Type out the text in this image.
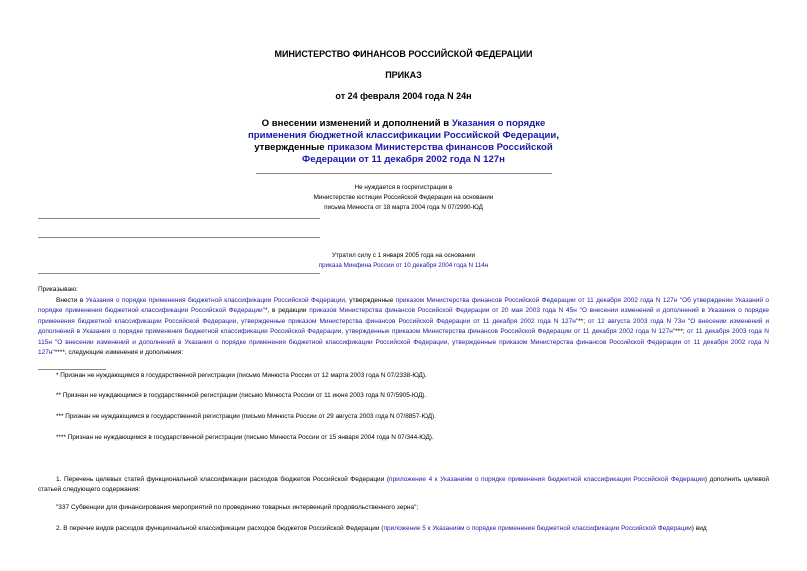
МИНИСТЕРСТВО ФИНАНСОВ РОССИЙСКОЙ ФЕДЕРАЦИИ
ПРИКАЗ
от 24 февраля 2004 года N 24н
О внесении изменений и дополнений в Указания о порядке применения бюджетной классификации Российской Федерации, утвержденные приказом Министерства финансов Российской Федерации от 11 декабря 2002 года N 127н
Не нуждается в госрегистрации в
Министерстве юстиции Российской Федерации на основании
письма Минюста от 18 марта 2004 года N 07/2990-ЮД
Утратил силу с 1 января 2005 года на основании
приказа Минфина России от 10 декабря 2004 года N 114н
Приказываю:

Внести в Указания о порядке применения бюджетной классификации Российской Федерации, утвержденные приказом Министерства финансов Российской Федерации от 11 декабря 2002 года N 127н "Об утверждении Указаний о порядке применения бюджетной классификации Российской Федерации"*, в редакции приказов Министерства финансов Российской Федерации от 20 мая 2003 года N 45н "О внесении изменений и дополнений в Указания о порядке применения бюджетной классификации Российской Федерации, утвержденные приказом Министерства финансов Российской Федерации от 11 декабря 2002 года N 127н"**; от 12 августа 2003 года N 73н "О внесении изменений и дополнений в Указания о порядке применения бюджетной классификации Российской Федерации, утвержденные приказом Министерства финансов Российской Федерации от 11 декабря 2002 года N 127н"***; от 11 декабря 2003 года N 115н "О внесении изменений и дополнений в Указания о порядке применения бюджетной классификации Российской Федерации, утвержденные приказом Министерства финансов Российской Федерации от 11 декабря 2002 года N 127н"****, следующие изменения и дополнения:

* Признан не нуждающимся в государственной регистрации (письмо Минюста России от 12 марта 2003 года N 07/2338-ЮД).
** Признан не нуждающимся в государственной регистрации (письмо Минюста России от 11 июня 2003 года N 07/5905-ЮД).
*** Признан не нуждающимся в государственной регистрации (письмо Минюста России от 29 августа 2003 года N 07/8857-ЮД).
**** Признан не нуждающимся в государственной регистрации (письмо Минюста России от 15 января 2004 года N 07/344-ЮД).

1. Перечень целевых статей функциональной классификации расходов бюджетов Российской Федерации (приложение 4 к Указаниям о порядке применения бюджетной классификации Российской Федерации) дополнить целевой статьей следующего содержания:

"337 Субвенции для финансирования мероприятий по проведению товарных интервенций продовольственного зерна";
2. В перечне видов расходов функциональной классификации расходов бюджетов Российской Федерации (приложение 5 к Указаниям о порядке применения бюджетной классификации Российской Федерации) вид
